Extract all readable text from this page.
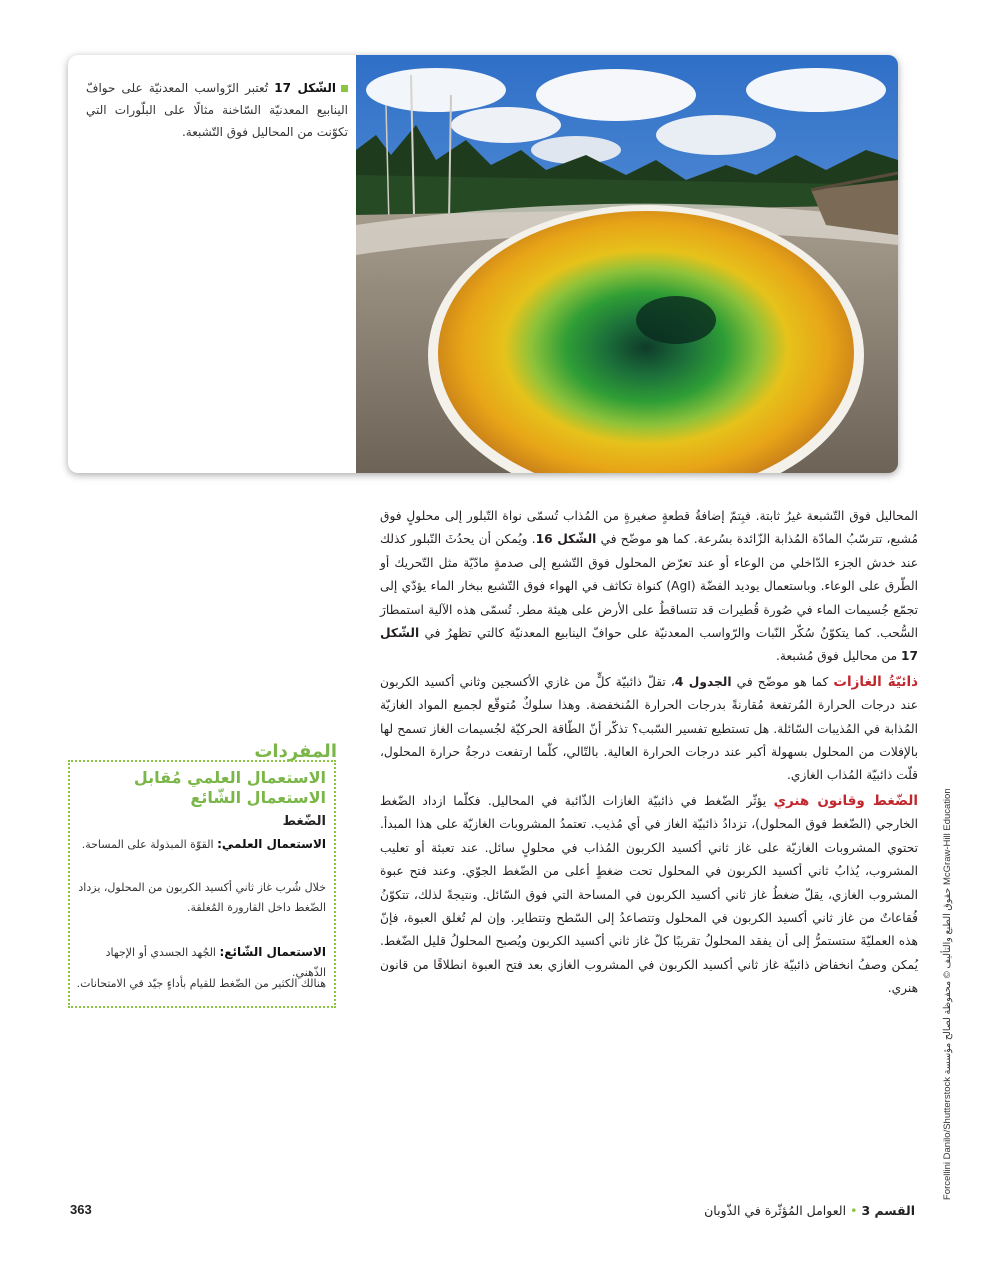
الشّكل 17 تُعتبر الرّواسب المعدنيّة على حوافّ الينابيع المعدنيّة السّاخنة مثالًا على البلّورات التي تكوّنت من المحاليل فوق التّشبعة.

المحاليل فوق التّشبعة غيرُ ثابتة. فبِتمّ إضافةُ قطعةٍ صغيرةٍ من المُذاب تُسمّى نواة التّبلور إلى محلولٍ فوق مُشبع، تترسّبُ المادّة المُذابة الزّائدة بسُرعة. كما هو موضّح في الشّكل 16. ويُمكن أن يحدُثَ التّبلور كذلك عند خدش الجزء الدّاخلي من الوعاء أو عند تعرّض المحلول فوق التّشبع إلى صدمةٍ مادّيّة مثل التّحريك أو الطّرق على الوعاء. وباستعمال يوديد الفضّة (AgI) كنواة تكاثف في الهواء فوق التّشبع ببخار الماء يؤدّي إلى تجمّع جُسيمات الماء في صُورة قُطيرات قد تتساقطُ على الأرض على هيئة مطر. تُسمّى هذه الآلية استمطارَ السُّحب. كما يتكوّنُ سُكّر النّبات والرّواسب المعدنيّة على حوافّ الينابيع المعدنيّة كالتي تظهرُ في الشّكل 17 من محاليل فوق مُشبعة.

ذائيّةُ الغازات كما هو موضّح في الجدول 4، تقلّ ذائبيّة كلٍّ من غازي الأكسجين وثاني أكسيد الكربون عند درجات الحرارة المُرتفعة مُقارنةً بدرجات الحرارة المُنخفضة. وهذا سلوكٌ مُتوقّع لجميع المواد الغازيّة المُذابة في المُذيبات السّائلة. هل تستطيع تفسير السّبب؟ تذكّر أنّ الطّاقة الحركيّة لجُسيمات الغاز تسمح لها بالإفلات من المحلول بسهولة أكبر عند درجات الحرارة العالية. بالتّالي، كلّما ارتفعت درجةُ حرارة المحلول، قلّت ذائبيّة المُذاب الغازي.

الضّغط وقانون هنري يؤثّر الضّغط في ذائبيّة الغازات الذّائبة في المحاليل. فكلّما ازداد الضّغط الخارجي (الضّغط فوق المحلول)، تزدادُ ذائبيّة الغاز في أي مُذيب. تعتمدُ المشروبات الغازيّة على هذا المبدأ. تحتوي المشروبات الغازيّة على غاز ثاني أكسيد الكربون المُذاب في محلولٍ سائل. عند تعبئة أو تعليب المشروب، يُذابُ ثاني أكسيد الكربون في المحلول تحت ضغطٍ أعلى من الضّغط الجوّي. وعند فتح عبوة المشروب الغازي، يقلّ ضغطُ غاز ثاني أكسيد الكربون في المساحة التي فوق السّائل. ونتيجةً لذلك، تتكوّنُ فُقاعاتٌ من غاز ثاني أكسيد الكربون في المحلول وتتصاعدُ إلى السّطح وتتطاير. وإن لم تُغلق العبوة، فإنّ هذه العمليّةَ ستستمرُّ إلى أن يفقد المحلولُ تقريبًا كلّ غاز ثاني أكسيد الكربون ويُصبح المحلولُ قليل الضّغط. يُمكن وصفُ انخفاض ذائبيّة غاز ثاني أكسيد الكربون في المشروب الغازي بعد فتح العبوة انطلاقًا من قانون هنري.

المفردات
الاستعمال العلمي مُقابل الاستعمال الشّائع
الضّغط
الاستعمال العلمي: القوّة المبذولة على المساحة.
خلال شُرب غاز ثاني أكسيد الكربون من المحلول، يزداد الضّغط داخل القارورة المُغلقة.
الاستعمال الشّائع: الجُهد الجسدي أو الإجهاد الذّهني.
هنالك الكثير من الضّغط للقيام بأداءٍ جيّد في الامتحانات.
McGraw-Hill Education حقوق الطبع والتأليف © محفوظة لصالح مؤسسة Forcellini Danilo/Shutterstock
القسم 3•العوامل المُؤثّرة في الذّوبان
363
